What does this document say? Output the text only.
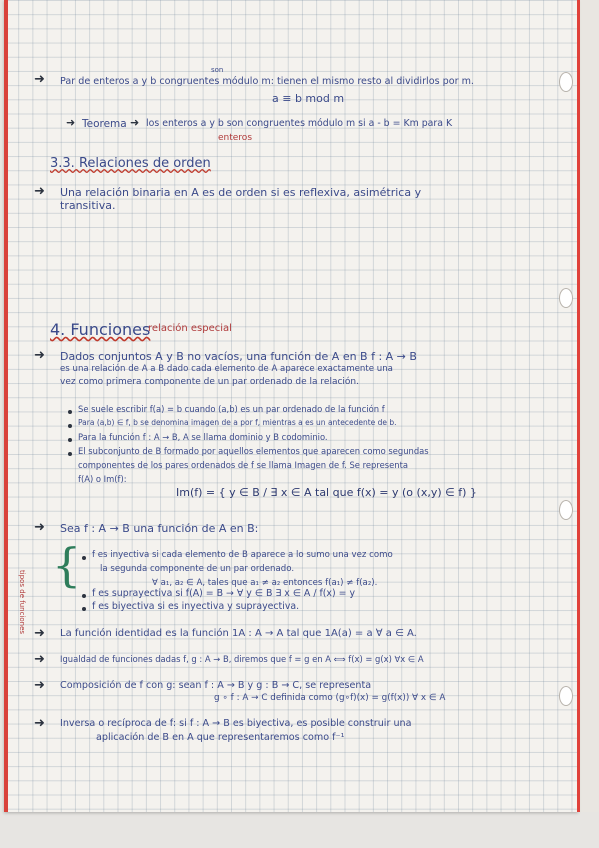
➜ Par de enteros a y b congruentes módulo m: tienen el mismo resto al dividirlos por m.
son
a ≡ b mod m
➜ Teorema ➜ los enteros a y b son congruentes módulo m si a - b = Km para K
enteros
3.3. Relaciones de orden
➜ Una relación binaria en A es de orden si es reflexiva, asimétrica y
transitiva.
4. Funciones
relación especial
➜ Dados conjuntos A y B no vacíos, una función de A en B f : A → B
es una relación de A a B dado cada elemento de A aparece exactamente una
vez como primera componente de un par ordenado de la relación.
Se suele escribir f(a) = b cuando (a,b) es un par ordenado de la función f
Para (a,b) ∈ f, b se denomina imagen de a por f, mientras a es un antecedente de b.
Para la función f : A → B, A se llama dominio y B codominio.
El subconjunto de B formado por aquellos elementos que aparecen como segundas
componentes de los pares ordenados de f se llama Imagen de f. Se representa
f(A) o Im(f):
Im(f) = { y ∈ B / ∃ x ∈ A tal que f(x) = y (o (x,y) ∈ f) }
➜ Sea f : A → B una función de A en B:
tipos de funciones
{ f es inyectiva si cada elemento de B aparece a lo sumo una vez como
la segunda componente de un par ordenado.
∀ a₁, a₂ ∈ A, tales que a₁ ≠ a₂ entonces f(a₁) ≠ f(a₂).
f es suprayectiva si f(A) = B → ∀ y ∈ B ∃ x ∈ A / f(x) = y
f es biyectiva si es inyectiva y suprayectiva.
➜ La función identidad es la función 1A : A → A tal que 1A(a) = a ∀ a ∈ A.
➜ Igualdad de funciones dadas f, g : A → B, diremos que f = g en A ⟺ f(x) = g(x) ∀x ∈ A
➜ Composición de f con g: sean f : A → B y g : B → C, se representa
g ∘ f : A → C definida como (g∘f)(x) = g(f(x)) ∀ x ∈ A
➜ Inversa o recíproca de f: si f : A → B es biyectiva, es posible construir una
aplicación de B en A que representaremos como f⁻¹
